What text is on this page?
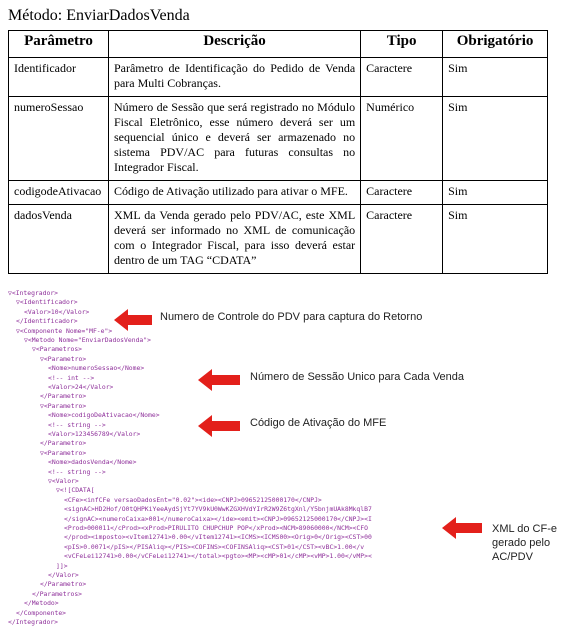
Método: EnviarDadosVenda
Parâmetro	Descrição	Tipo	Obrigatório
Identificador	Parâmetro de Identificação do Pedido de Venda para Multi Cobranças.	Caractere	Sim
numeroSessao	Número de Sessão que será registrado no Módulo Fiscal Eletrônico, esse número deverá ser um sequencial único e deverá ser armazenado no sistema PDV/AC para futuras consultas no Integrador Fiscal.	Numérico	Sim
codigodeAtivacao	Código de Ativação utilizado para ativar o MFE.	Caractere	Sim
dadosVenda	XML da Venda gerado pelo PDV/AC, este XML deverá ser informado no XML de comunicação com o Integrador Fiscal, para isso deverá estar dentro de um TAG “CDATA”	Caractere	Sim
▽<Integrador>
▽<Identificador>
<Valor>10</Valor>
</Identificador>
▽<Componente Nome="MF-e">
▽<Metodo Nome="EnviarDadosVenda">
▽<Parametros>
▽<Parametro>
<Nome>numeroSessao</Nome>
<!-- int -->
<Valor>24</Valor>
</Parametro>
▽<Parametro>
<Nome>codigoDeAtivacao</Nome>
<!-- string -->
<Valor>123456789</Valor>
</Parametro>
▽<Parametro>
<Nome>dadosVenda</Nome>
<!-- string -->
▽<Valor>
▽<![CDATA[
<CFe><infCFe versaoDadosEnt="0.02"><ide><CNPJ>09652125000170</CNPJ>
<signAC>HD2Hof/O0tQHPKiYeeAydSjYt7YV9kU0WwKZGXHVdYIrR2W9Z6tgXnl/Y5bnjmUAk8MkqlB7
</signAC><numeroCaixa>001</numeroCaixa></ide><emit><CNPJ>09652125000170</CNPJ><I
<Prod>000011</cProd><xProd>PIRULITO CHUPCHUP POP</xProd><NCM>89060000</NCM><CFO
</prod><imposto><vItem12741>0.00</vItem12741><ICMS><ICMS00><Orig>0</Orig><CST>00
<pIS>0.0071</pIS></PISAliq></PIS><COFINS><COFINSAliq><CST>01</CST><vBC>1.00</v
<vCFeLei12741>0.00</vCFeLei12741></total><pgto><MP><cMP>01</cMP><vMP>1.00</vMP><
]]>
</Valor>
</Parametro>
</Parametros>
</Metodo>
</Componente>
</Integrador>
Numero de Controle do PDV para captura do Retorno
Número de Sessão Unico para Cada Venda
Código de Ativação do MFE
XML do CF-e gerado pelo AC/PDV
